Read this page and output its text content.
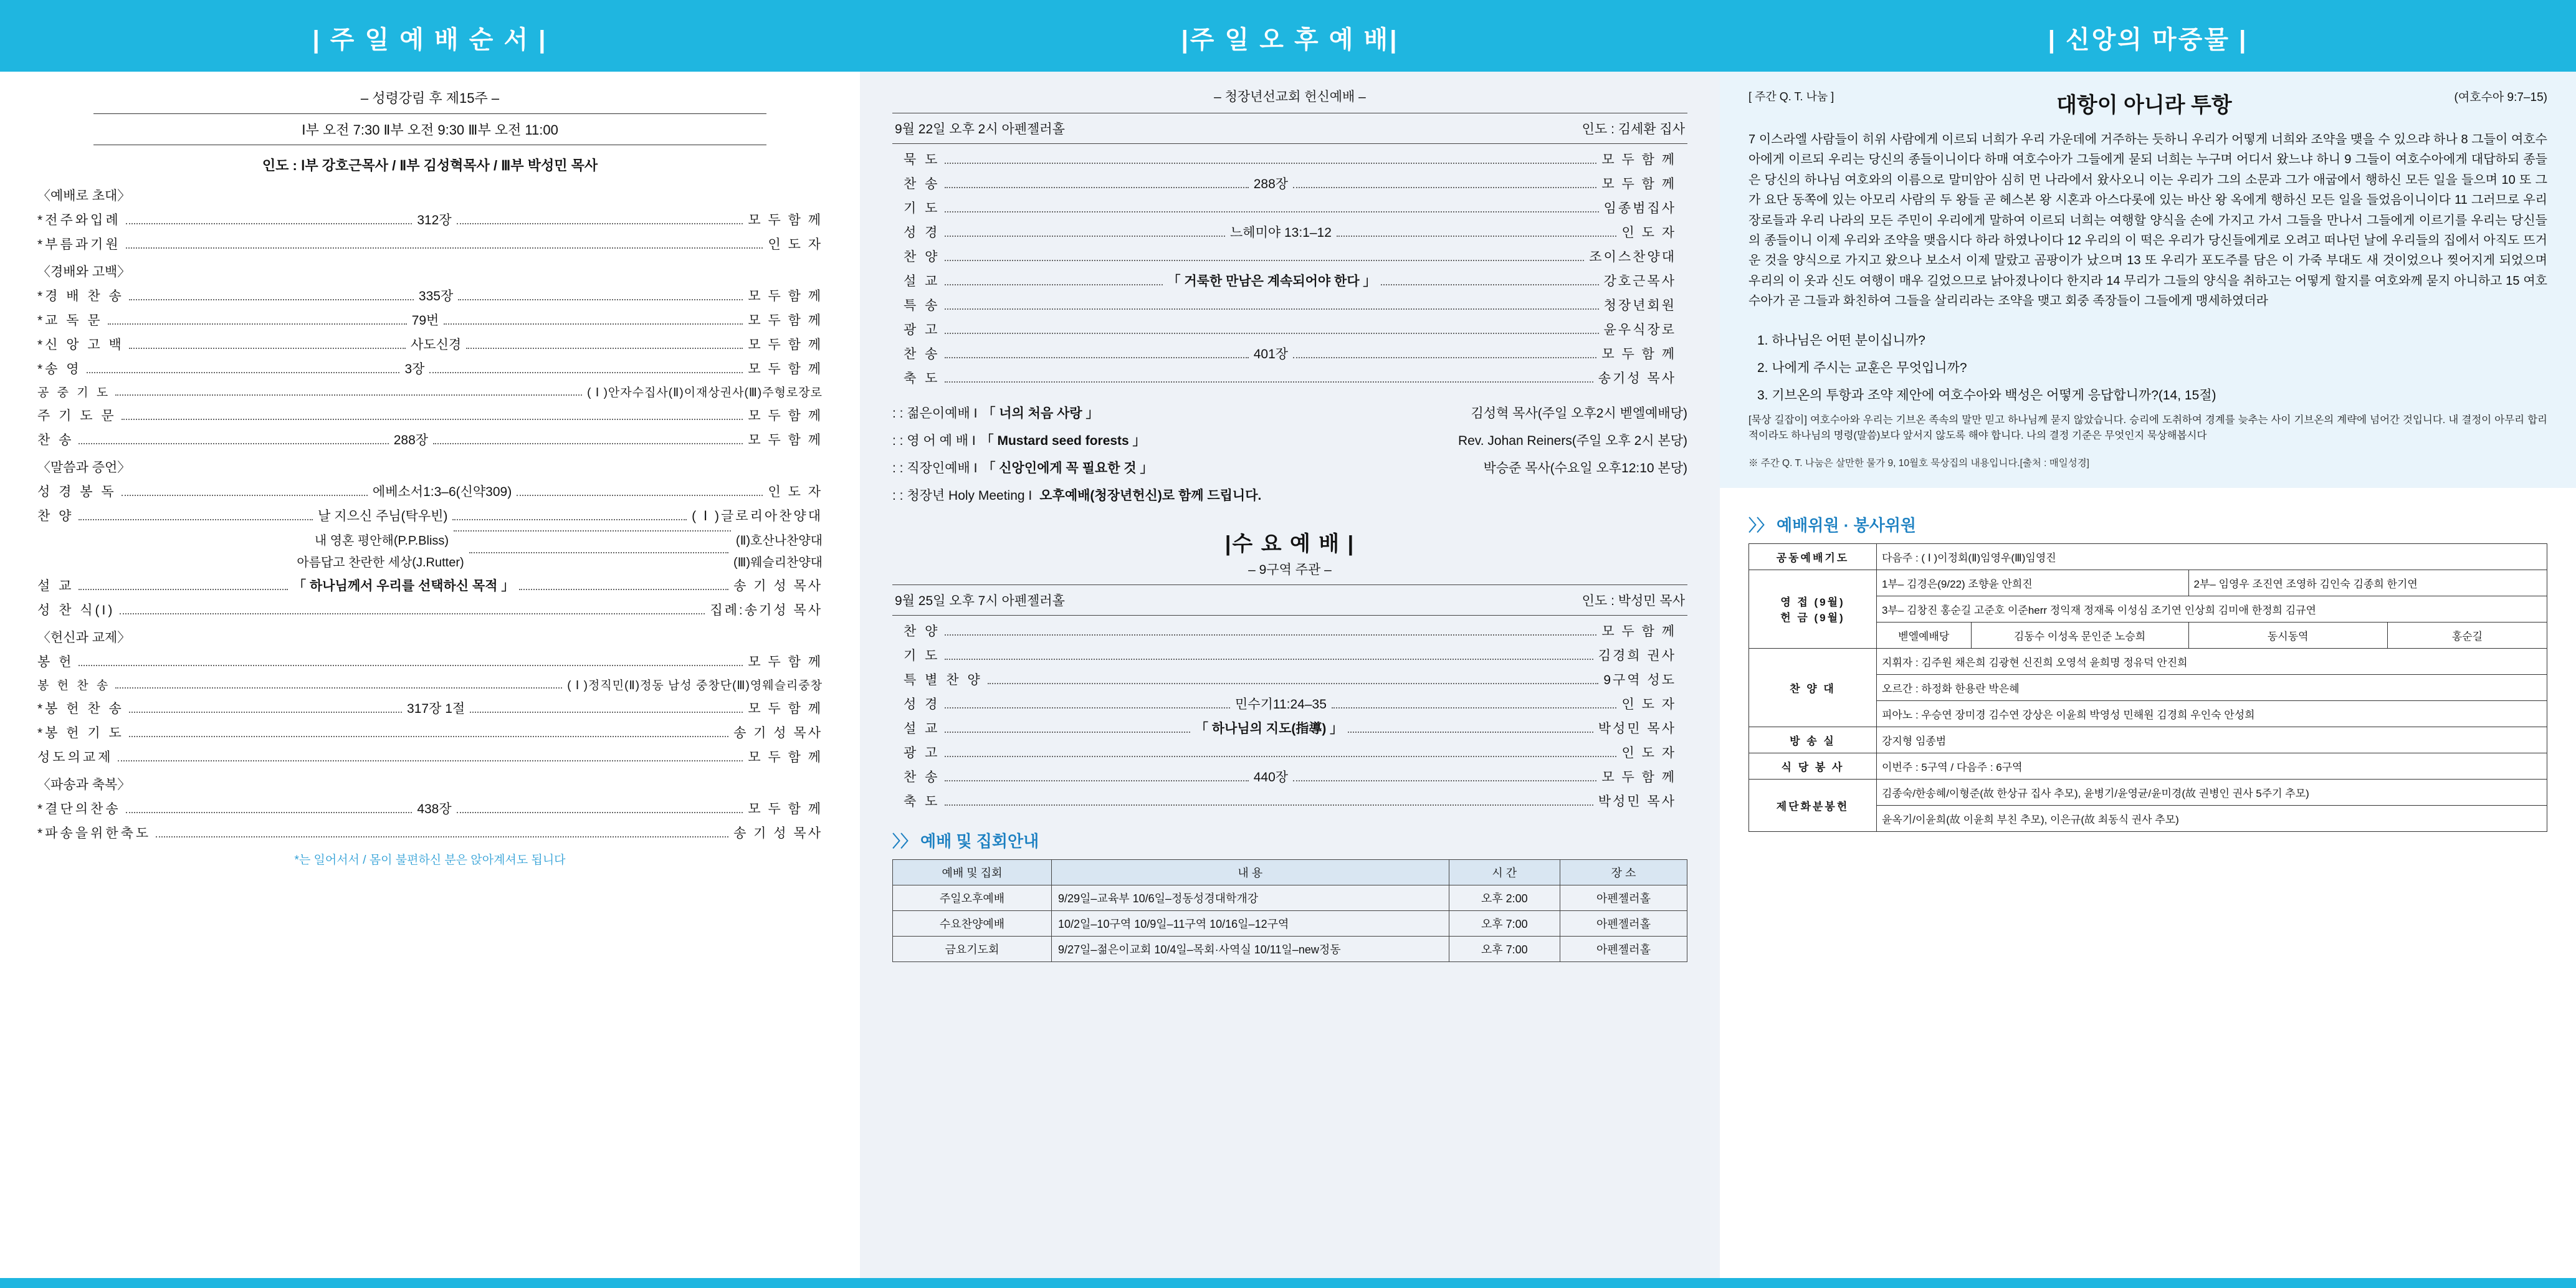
| 주 일 예 배 순 서 |
– 성령강림 후 제15주 –
Ⅰ부 오전 7:30 Ⅱ부 오전 9:30 Ⅲ부 오전 11:00
인도 : Ⅰ부 강호근목사 / Ⅱ부 김성혁목사 / Ⅲ부 박성민 목사
〈예배로 초대〉
*전주와입례	312장	모 두 함 께
*부름과기원	인 도 자
〈경배와 고백〉
*경 배 찬 송	335장	모 두 함 께
*교 독 문	79번	모 두 함 께
*신 앙 고 백	사도신경	모 두 함 께
*송 영	3장	모 두 함 께
공 중 기 도	( Ⅰ )안자수집사(Ⅱ)이재상권사(Ⅲ)주형로장로
주 기 도 문	모 두 함 께
찬 송	288장	모 두 함 께
〈말씀과 증언〉
성 경 봉 독	에베소서1:3–6(신약309)	인 도 자
찬 양	날 지으신 주님(탁우빈)	( Ⅰ )글로리아찬양대
내 영혼 평안해(P.P.Bliss)	(Ⅱ)호산나찬양대
아름답고 찬란한 세상(J.Rutter)	(Ⅲ)웨슬리찬양대
설 교	「 하나님께서 우리를 선택하신 목적 」	송 기 성 목사
성 찬 식(I)	집례:송기성 목사
〈헌신과 교제〉
봉 헌	모 두 함 께
봉 헌 찬 송	( Ⅰ )정직민(Ⅱ)정동 남성 중창단(Ⅲ)영웨슬리중창
*봉 헌 찬 송	317장 1절	모 두 함 께
*봉 헌 기 도	송 기 성 목사
성도의교제	모 두 함 께
〈파송과 축복〉
*결단의찬송	438장	모 두 함 께
*파송을위한축도	송 기 성 목사
*는 일어서서 / 몸이 불편하신 분은 앉아계셔도 됩니다
|주 일 오 후 예 배|
– 청장년선교회 헌신예배 –
9월 22일 오후 2시 아펜젤러홀	인도 : 김세환 집사
묵 도	모 두 함 께
찬 송	288장	모 두 함 께
기 도	임종범집사
성 경	느헤미야 13:1–12	인 도 자
찬 양	조이스찬양대
설 교	「 거룩한 만남은 계속되어야 한다 」	강호근목사
특 송	청장년회원
광 고	윤우식장로
찬 송	401장	모 두 함 께
축 도	송기성 목사
: : 젊은이예배 I 「 너의 처음 사랑 」	김성혁 목사(주일 오후2시 벧엘예배당)
: : 영 어 예 배 I 「 Mustard seed forests 」	Rev. Johan Reiners(주일 오후 2시 본당)
: : 직장인예배 I 「 신앙인에게 꼭 필요한 것 」	박승준 목사(수요일 오후12:10 본당)
: : 청장년 Holy Meeting I 오후예배(청장년헌신)로 함께 드립니다.
|수 요 예 배 |
– 9구역 주관 –
9월 25일 오후 7시 아펜젤러홀	인도 : 박성민 목사
찬 양	모 두 함 께
기 도	김경희 권사
특 별 찬 양	9구역 성도
성 경	민수기11:24–35	인 도 자
설 교	「 하나님의 지도(指導) 」	박성민 목사
광 고	인 도 자
찬 송	440장	모 두 함 께
축 도	박성민 목사
〉〉 예배 및 집회안내
예배 및 집회	내 용	시 간	장 소
주일오후예배	9/29일–교육부 10/6일–정동성경대학개강	오후 2:00	아펜젤러홀
수요찬양예배	10/2일–10구역 10/9일–11구역 10/16일–12구역	오후 7:00	아펜젤러홀
금요기도회	9/27일–젊은이교회 10/4일–목회·사역실 10/11일–new정동	오후 7:00	아펜젤러홀
| 신앙의 마중물 |
[ 주간 Q. T. 나눔 ]	대항이 아니라 투항	(여호수아 9:7–15)
7 이스라엘 사람들이 히위 사람에게 이르되 너희가 우리 가운데에 거주하는 듯하니 우리가 어떻게 너희와 조약을 맺을 수 있으랴 하나 8 그들이 여호수아에게 이르되 우리는 당신의 종들이니이다 하매 여호수아가 그들에게 묻되 너희는 누구며 어디서 왔느냐 하니 9 그들이 여호수아에게 대답하되 종들은 당신의 하나님 여호와의 이름으로 말미암아 심히 먼 나라에서 왔사오니 이는 우리가 그의 소문과 그가 애굽에서 행하신 모든 일을 들으며 10 또 그가 요단 동쪽에 있는 아모리 사람의 두 왕들 곧 헤스본 왕 시혼과 아스다롯에 있는 바산 왕 옥에게 행하신 모든 일을 들었음이니이다 11 그러므로 우리 장로들과 우리 나라의 모든 주민이 우리에게 말하여 이르되 너희는 여행할 양식을 손에 가지고 가서 그들을 만나서 그들에게 이르기를 우리는 당신들의 종들이니 이제 우리와 조약을 맺읍시다 하라 하였나이다 12 우리의 이 떡은 우리가 당신들에게로 오려고 떠나던 날에 우리들의 집에서 아직도 뜨거운 것을 양식으로 가지고 왔으나 보소서 이제 말랐고 곰팡이가 났으며 13 또 우리가 포도주를 담은 이 가죽 부대도 새 것이었으나 찢어지게 되었으며 우리의 이 옷과 신도 여행이 매우 길었으므로 낡아졌나이다 한지라 14 무리가 그들의 양식을 취하고는 어떻게 할지를 여호와께 묻지 아니하고 15 여호수아가 곧 그들과 화친하여 그들을 살리리라는 조약을 맺고 회중 족장들이 그들에게 맹세하였더라
1. 하나님은 어떤 분이십니까?
2. 나에게 주시는 교훈은 무엇입니까?
3. 기브온의 투항과 조약 제안에 여호수아와 백성은 어떻게 응답합니까?(14, 15절)
[묵상 길잡이] 여호수아와 우리는 기브온 족속의 말만 믿고 하나님께 묻지 않았습니다. 승리에 도취하여 경계를 늦추는 사이 기브온의 계략에 넘어간 것입니다. 내 결정이 아무리 합리적이라도 하나님의 명령(말씀)보다 앞서지 않도록 해야 합니다. 나의 결정 기준은 무엇인지 묵상해봅시다
※ 주간 Q. T. 나눔은 살만한 물가 9, 10월호 묵상집의 내용입니다.[출처 : 매일성경]
〉〉 예배위원 · 봉사위원
공동예배기도	다음주 : ( Ⅰ )이정회(Ⅱ)임영우(Ⅲ)임영진			
영 접 (9월)
헌 금 (9월)	1부– 김경은(9/22) 조향윤 안희진		2부– 임영우 조진연 조영하 김인숙 김종희 한기연	
	3부– 김창진 홍순길 고준호 이준herr 정익재 정재록 이성심 조기연 인상희 김미애 한정희 김규연			
	벧엘예배당	김동수 이성옥 문인준 노승희	동시동역	홍순길
찬 양 대	지휘자 : 김주원 채은희 김광현 신진희 오영석 윤희명 정유덕 안진희			
	오르간 : 하정화 한용란 박은혜			
	피아노 : 우승연 장미경 김수연 강상은 이윤희 박영성 민해원 김경희 우인숙 안성희			
방 송 실	강지형 임종범			
식 당 봉 사	이번주 : 5구역 / 다음주 : 6구역			
제단화분봉헌	김종숙/한송혜/이형준(故 한상규 집사 추모), 윤병기/윤영균/윤미경(故 권병인 권사 5주기 추모)			
	윤옥기/이윤희(故 이윤희 부친 추모), 이은규(故 최동식 권사 추모)			
